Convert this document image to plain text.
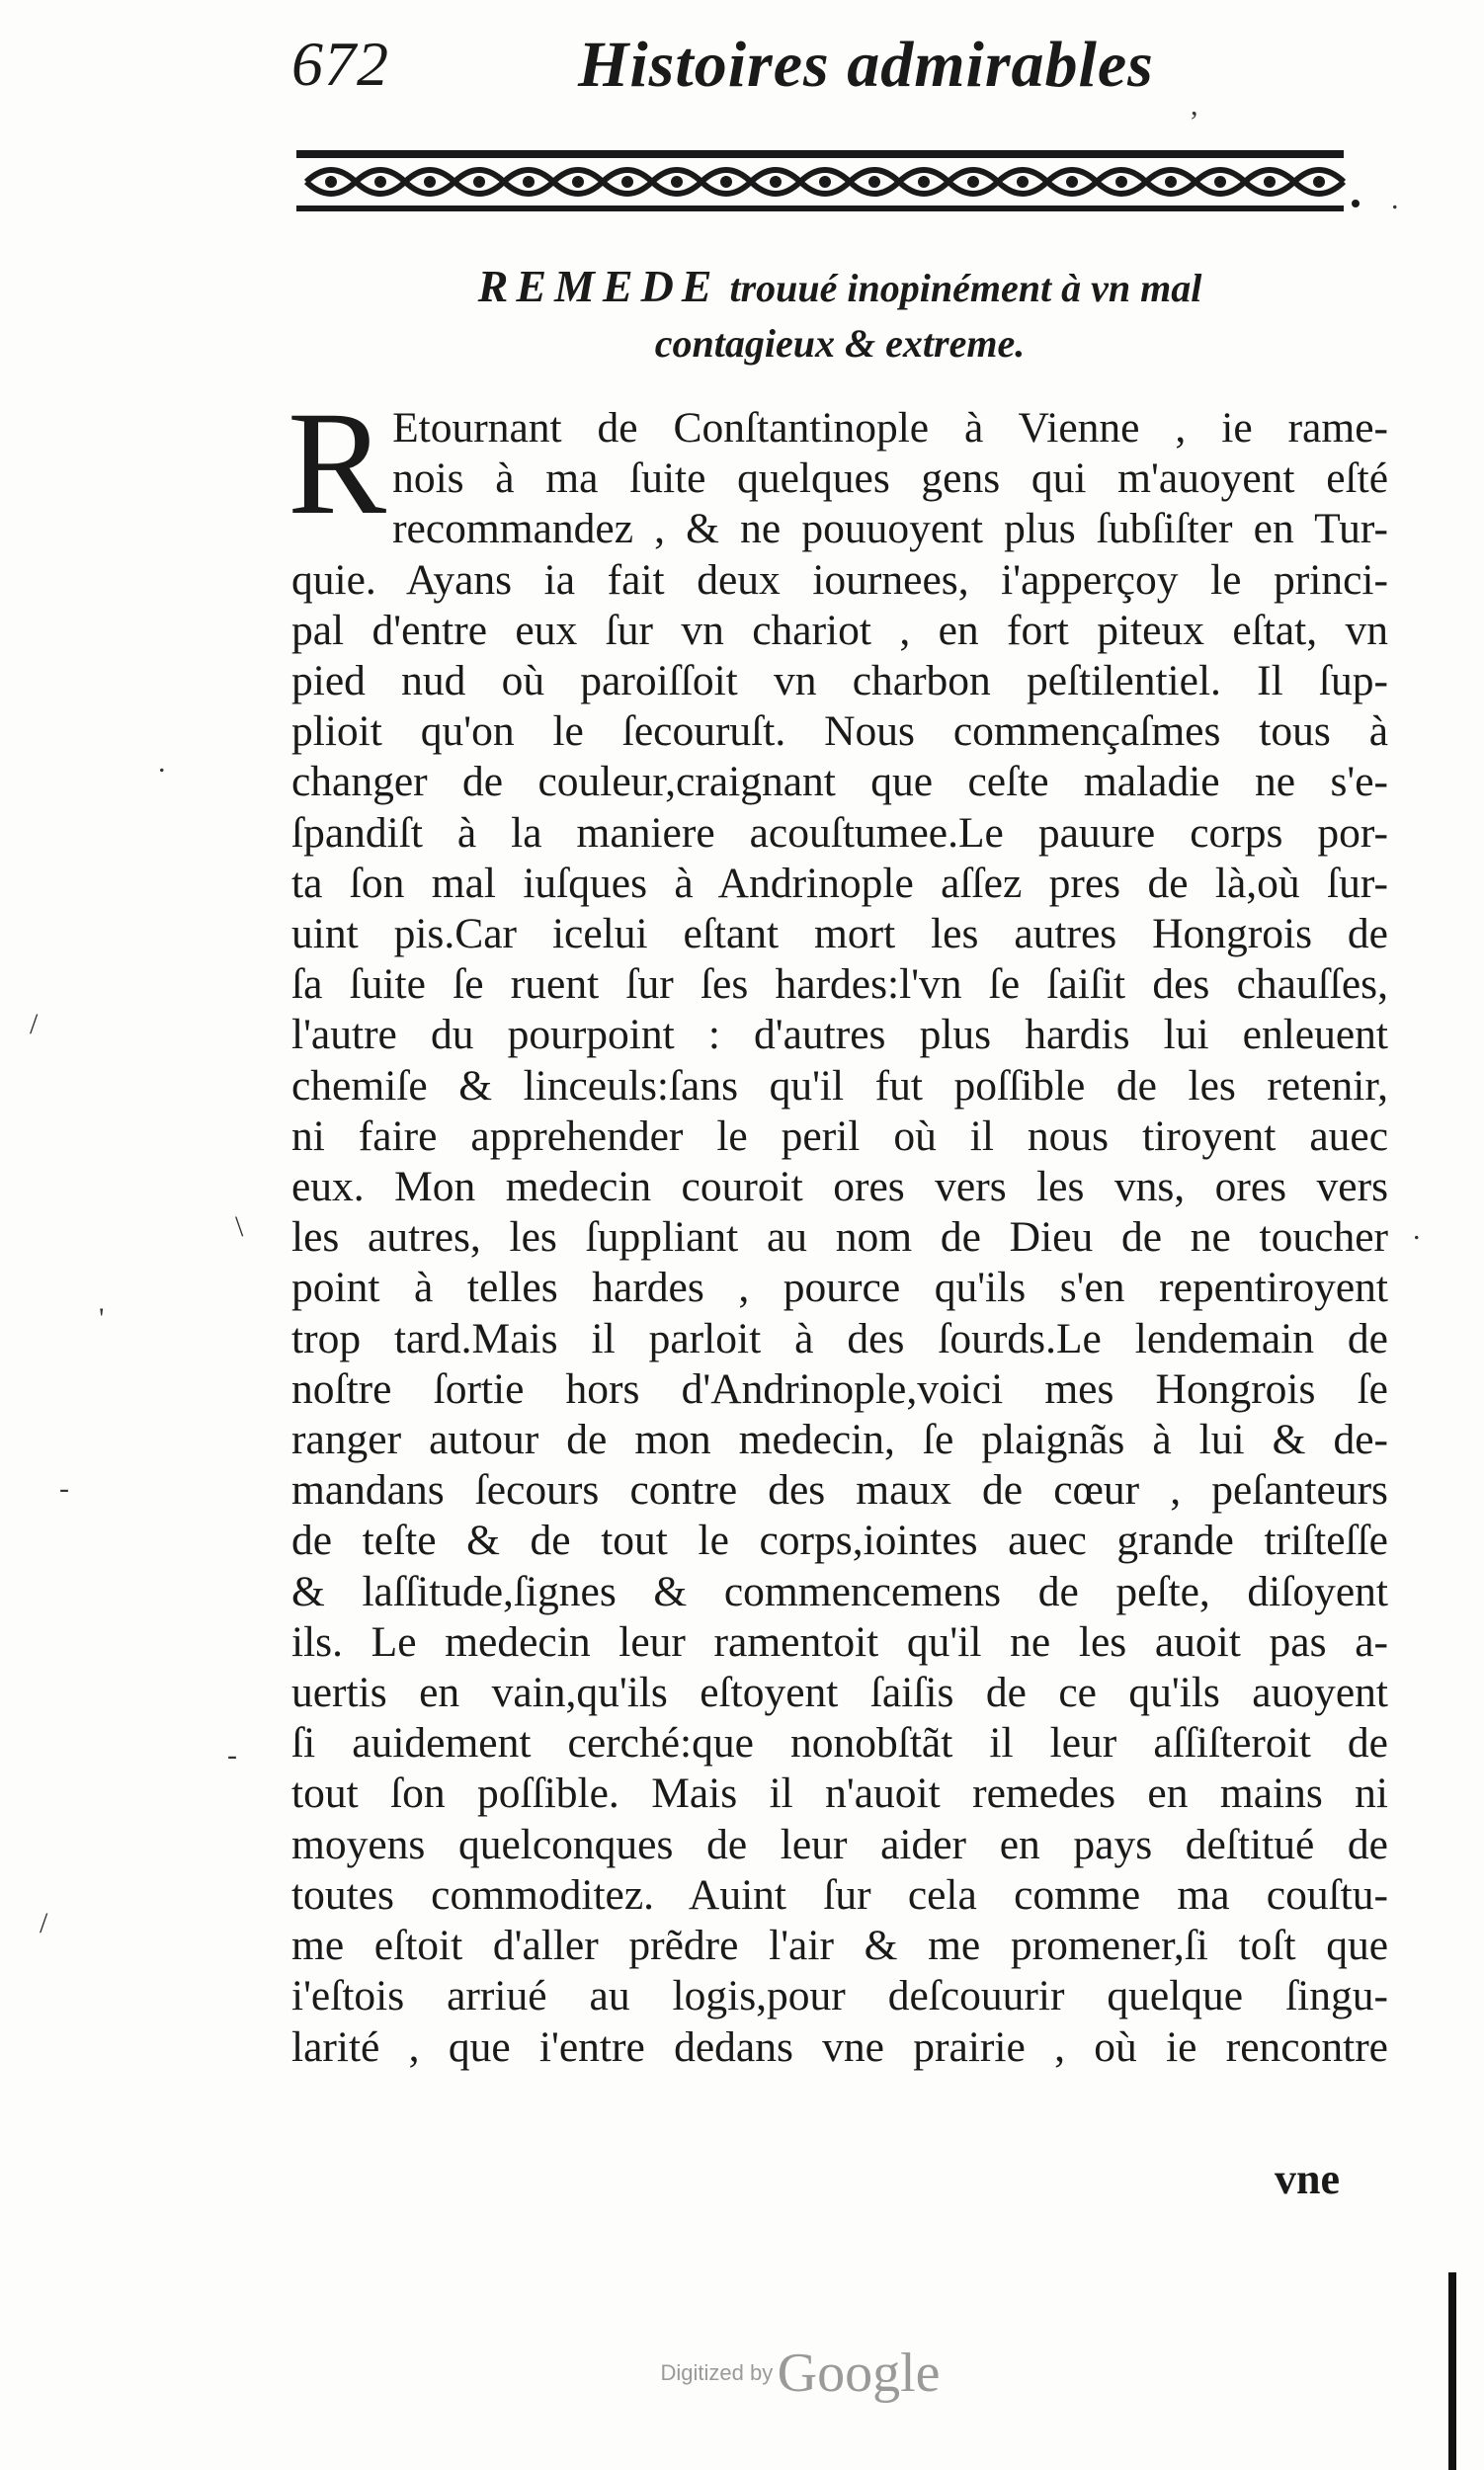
672	Histoires admirables
REMEDE trouué inopinément à vn mal
contagieux & extreme.
R Etournant de Conſtantinople à Vienne , ie rame-
nois à ma ſuite quelques gens qui m'auoyent eſté
recommandez , & ne pouuoyent plus ſubſiſter en Tur-
quie. Ayans ia fait deux iournees, i'apperçoy le princi-
pal d'entre eux ſur vn chariot , en fort piteux eſtat, vn
pied nud où paroiſſoit vn charbon peſtilentiel. Il ſup-
plioit qu'on le ſecouruſt. Nous commençaſmes tous à
changer de couleur,craignant que ceſte maladie ne s'e-
ſpandiſt à la maniere acouſtumee.Le pauure corps por-
ta ſon mal iuſques à Andrinople aſſez pres de là,où ſur-
uint pis.Car icelui eſtant mort les autres Hongrois de
ſa ſuite ſe ruent ſur ſes hardes:l'vn ſe ſaiſit des chauſſes,
l'autre du pourpoint : d'autres plus hardis lui enleuent
chemiſe & linceuls:ſans qu'il fut poſſible de les retenir,
ni faire apprehender le peril où il nous tiroyent auec
eux. Mon medecin couroit ores vers les vns, ores vers
les autres, les ſuppliant au nom de Dieu de ne toucher
point à telles hardes , pource qu'ils s'en repentiroyent
trop tard.Mais il parloit à des ſourds.Le lendemain de
noſtre ſortie hors d'Andrinople,voici mes Hongrois ſe
ranger autour de mon medecin, ſe plaignãs à lui & de-
mandans ſecours contre des maux de cœur , peſanteurs
de teſte & de tout le corps,iointes auec grande triſteſſe
& laſſitude,ſignes & commencemens de peſte, diſoyent
ils. Le medecin leur ramentoit qu'il ne les auoit pas a-
uertis en vain,qu'ils eſtoyent ſaiſis de ce qu'ils auoyent
ſi auidement cerché:que nonobſtãt il leur aſſiſteroit de
tout ſon poſſible. Mais il n'auoit remedes en mains ni
moyens quelconques de leur aider en pays deſtitué de
toutes commoditez. Auint ſur cela comme ma couſtu-
me eſtoit d'aller prẽdre l'air & me promener,ſi toſt que
i'eſtois arriué au logis,pour deſcouurir quelque ſingu-
larité , que i'entre dedans vne prairie , où ie rencontre
vne
,
.
.
/
\	.
'
-
-
/
Digitized by Google
